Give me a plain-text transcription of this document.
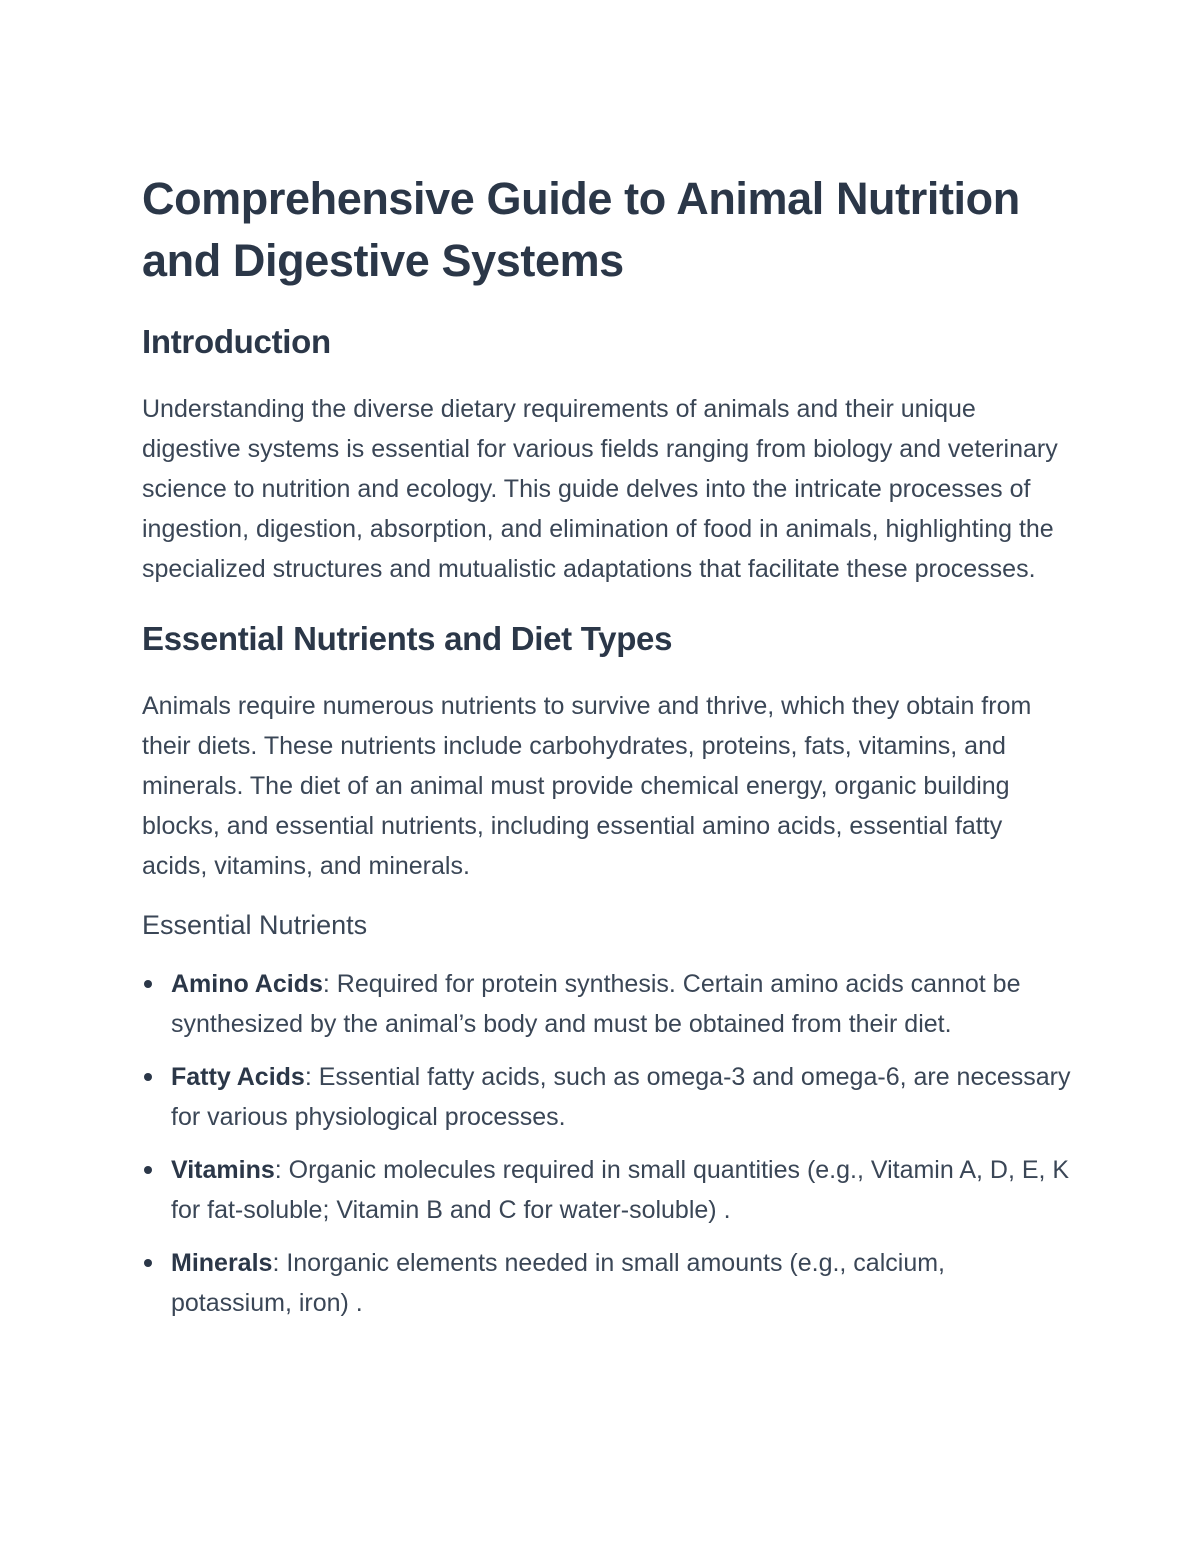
Comprehensive Guide to Animal Nutrition and Digestive Systems
Introduction

Understanding the diverse dietary requirements of animals and their unique digestive systems is essential for various fields ranging from biology and veterinary science to nutrition and ecology. This guide delves into the intricate processes of ingestion, digestion, absorption, and elimination of food in animals, highlighting the specialized structures and mutualistic adaptations that facilitate these processes.

Essential Nutrients and Diet Types

Animals require numerous nutrients to survive and thrive, which they obtain from their diets. These nutrients include carbohydrates, proteins, fats, vitamins, and minerals. The diet of an animal must provide chemical energy, organic building blocks, and essential nutrients, including essential amino acids, essential fatty acids, vitamins, and minerals.

Essential Nutrients
Amino Acids: Required for protein synthesis. Certain amino acids cannot be synthesized by the animal’s body and must be obtained from their diet.
Fatty Acids: Essential fatty acids, such as omega-3 and omega-6, are necessary for various physiological processes.
Vitamins: Organic molecules required in small quantities (e.g., Vitamin A, D, E, K for fat-soluble; Vitamin B and C for water-soluble) .
Minerals: Inorganic elements needed in small amounts (e.g., calcium, potassium, iron) .
